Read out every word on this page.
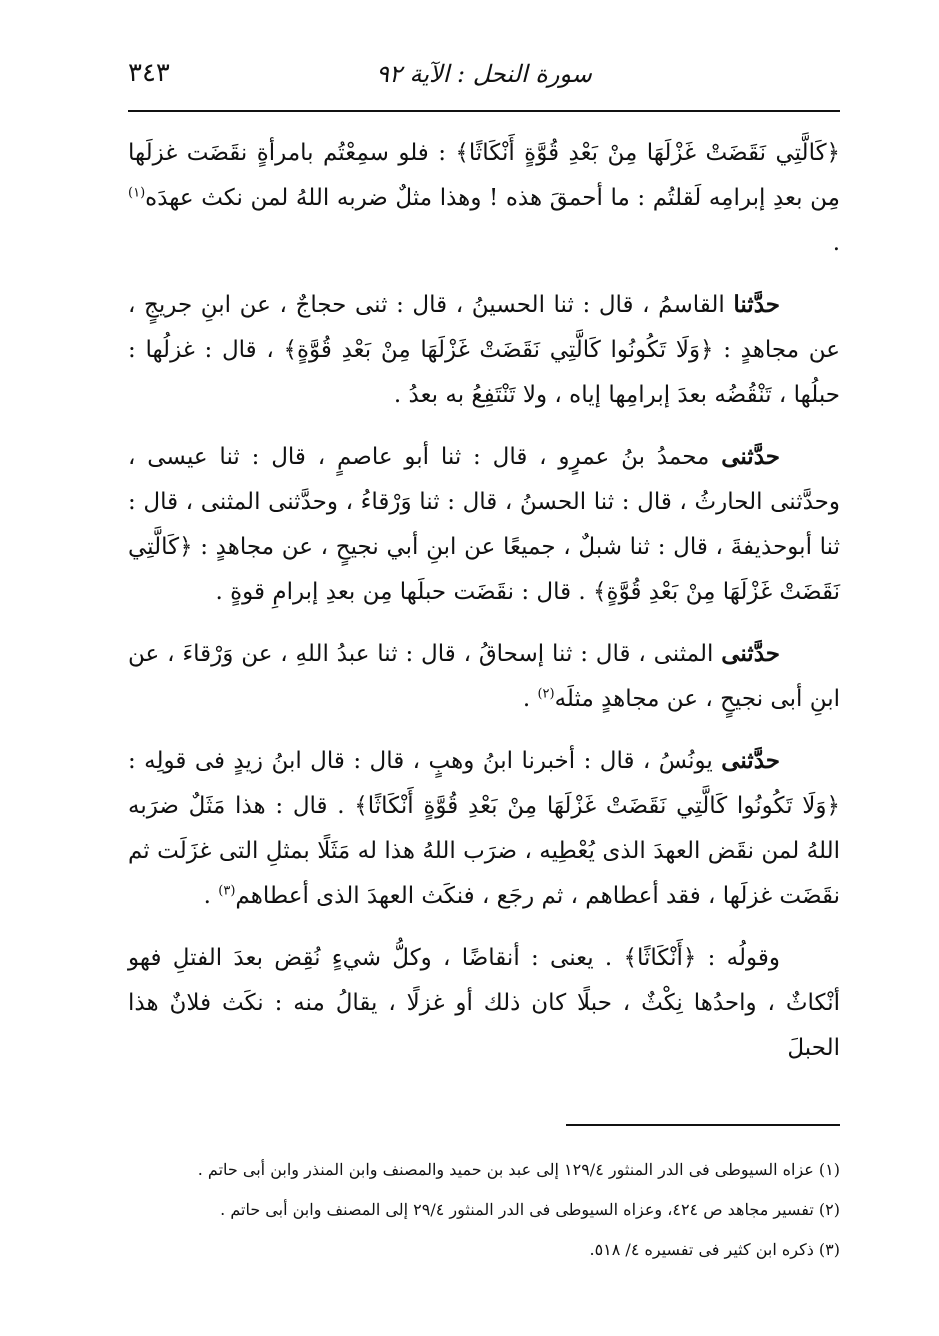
سورة النحل : الآية ٩٢
٣٤٣

﴿كَالَّتِي نَقَضَتْ غَزْلَهَا مِنْ بَعْدِ قُوَّةٍ أَنْكَاثًا﴾ : فلو سمِعْتُم بامرأةٍ نقَضَت غزلَها مِن بعدِ إبرامِه لَقلتُم : ما أحمقَ هذه ! وهذا مثلٌ ضربه اللهُ لمن نكث عهدَه$^{(١)}$ .

حدَّثنا القاسمُ ، قال : ثنا الحسينُ ، قال : ثنى حجاجٌ ، عن ابنِ جريجٍ ، عن مجاهدٍ : ﴿وَلَا تَكُونُوا كَالَّتِي نَقَضَتْ غَزْلَهَا مِنْ بَعْدِ قُوَّةٍ﴾ ، قال : غزلُها : حبلُها ، تَنْقُضُه بعدَ إبرامِها إياه ، ولا تَنْتَفِعُ به بعدُ .

حدَّثنى محمدُ بنُ عمرٍو ، قال : ثنا أبو عاصمٍ ، قال : ثنا عيسى ، وحدَّثنى الحارثُ ، قال : ثنا الحسنُ ، قال : ثنا وَرْقاءُ ، وحدَّثنى المثنى ، قال : ثنا أبوحذيفةَ ، قال : ثنا شبلٌ ، جميعًا عن ابنِ أبي نجيحٍ ، عن مجاهدٍ : ﴿كَالَّتِي نَقَضَتْ غَزْلَهَا مِنْ بَعْدِ قُوَّةٍ﴾ . قال : نقَضَت حبلَها مِن بعدِ إبرامِ قوةٍ .

حدَّثنى المثنى ، قال : ثنا إسحاقُ ، قال : ثنا عبدُ اللهِ ، عن وَرْقاءَ ، عن ابنِ أبى نجيحٍ ، عن مجاهدٍ مثلَه$^{(٢)}$ .

حدَّثنى يونُسُ ، قال : أخبرنا ابنُ وهبٍ ، قال : قال ابنُ زيدٍ فى قولِه : ﴿وَلَا تَكُونُوا كَالَّتِي نَقَضَتْ غَزْلَهَا مِنْ بَعْدِ قُوَّةٍ أَنْكَاثًا﴾ . قال : هذا مَثَلٌ ضرَبه اللهُ لمن نقَض العهدَ الذى يُعْطِيه ، ضرَب اللهُ هذا له مَثَلًا بمثلِ التى غزَلَت ثم نقَضَت غزلَها ، فقد أعطاهم ، ثم رجَع ، فنكَث العهدَ الذى أعطاهم$^{(٣)}$ .

وقولُه : ﴿أَنْكَاثًا﴾ . يعنى : أنقاضًا ، وكلُّ شيءٍ نُقِض بعدَ الفتلِ فهو أنْكاثٌ ، واحدُها نِكْثٌ ، حبلًا كان ذلك أو غزلًا ، يقالُ منه : نكَث فلانٌ هذا الحبلَ

(١) عزاه السيوطى فى الدر المنثور ١٢٩/٤ إلى عبد بن حميد والمصنف وابن المنذر وابن أبى حاتم .

(٢) تفسير مجاهد ص ٤٢٤، وعزاه السيوطى فى الدر المنثور ٢٩/٤ إلى المصنف وابن أبى حاتم .

(٣) ذكره ابن كثير فى تفسيره ٤/ ٥١٨.
